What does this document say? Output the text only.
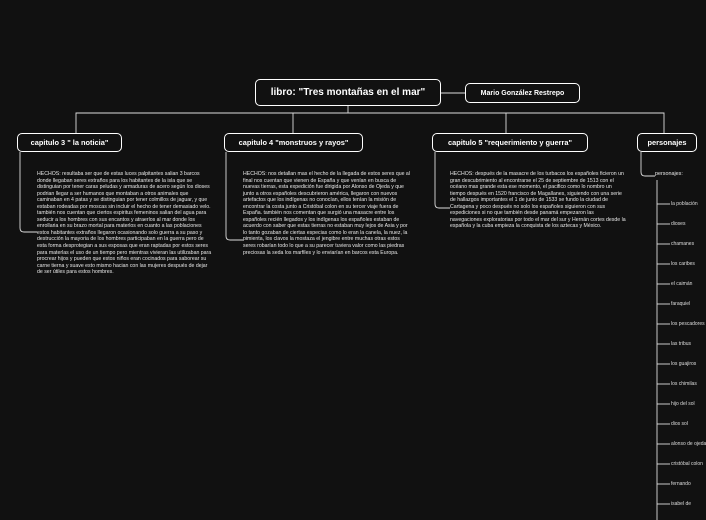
libro: "Tres montañas en el mar"	Mario González Restrepo
capitulo 3 " la noticia"	capitulo 4 "monstruos y rayos"	capitulo 5 "requerimiento y guerra"	personajes
HECHOS: resultaba ser que de estas luces palpitantes salian 3 barcos donde llegaban seres extraños para los habitantes de la isla que se distinguian por tener caras peludas y armaduras de acero según los dioses podrian llegar a ser humanos que montaban a otros animales que caminaban en 4 patas y se distinguian por tener colmillos de jaguar, y que estaban rodeadas por moscas sin incluir el hecho de tener demasiado velo. también nos cuentan que ciertos espiritus femeninos salian del agua para seducir a los hombres con sus encantos y atraerlos al mar donde los enrollaria en su brazo mortal para materlos en cuanto a las poblaciones estos habitantes extraños llegaron ocasionando solo guerra a su paso y destrucción la mayoria de los hombres participaban en la guerra pero de esta forma desprotegian a sus esposas que eran raptadas por estos seres para materlas el uso de un tiempo pero mientras vivieran las utilizaban para procrear hijos y pueden que estos niños eran cocinados para saborear su carne tierna y suave esto mismo hacian con las mujeres después de dejar de ser útiles para estos hombres.
HECHOS: nos detallan mas el hecho de la llegada de estos seres que al final nos cuentan que vienen de España y que venían en busca de nuevas tierras, esta expedición fue dirigida por Alonso de Ojeda y que junto a otros españoles descubrieron américa, llegaron con nuevos artefactos que los indígenas no conocían, ellos tenían la misión de encontrar la costa junto a Cristóbal colon en su tercer viaje fuera de España. también nos comentan que surgió una masacre entre los españoles recién llegados y los indígenas los españoles estaban de acuerdo con saber que estas tierras no estaban muy lejos de Asia y por lo tanto gozaban de ciertas especias como lo eran la canela, la nuez, la pimienta, los clavos la mostaza el jengibre entre muchas otras estos seres robarían todo lo que a su parecer tuviera valor como las piedras preciosas la seda los marfiles y lo enviarían en barcos esta Europa.
HECHOS: después de la masacre de los turbacos los españoles ficieron un gran descubrimiento al encontrarse el 25 de septiembre de 1513 con el océano mas grande esta ese momento, el pacifico como lo nombro un tiempo después en 1520 francisco de Magallanes, siguiendo con una serie de hallazgos importantes el 1 de junio de 1533 se fundo la ciudad de Cartagena y poco después no solo los españoles siguieron con sus expediciones si no que también desde panamá empezaron las navegaciones exploratorias por todo el mar del sur y Hernán cortes desde la española y la cuba empieza la conquista de los aztecas y México.
personajes:
la población
dioses
chamanes
los caribes
el caimán
faraquiel
los pescadores
las tribus
los guajiros
los chimilas
hijo del sol
dios sol
alonso de ojeda
cristóbal colon
fernando
isabel de
